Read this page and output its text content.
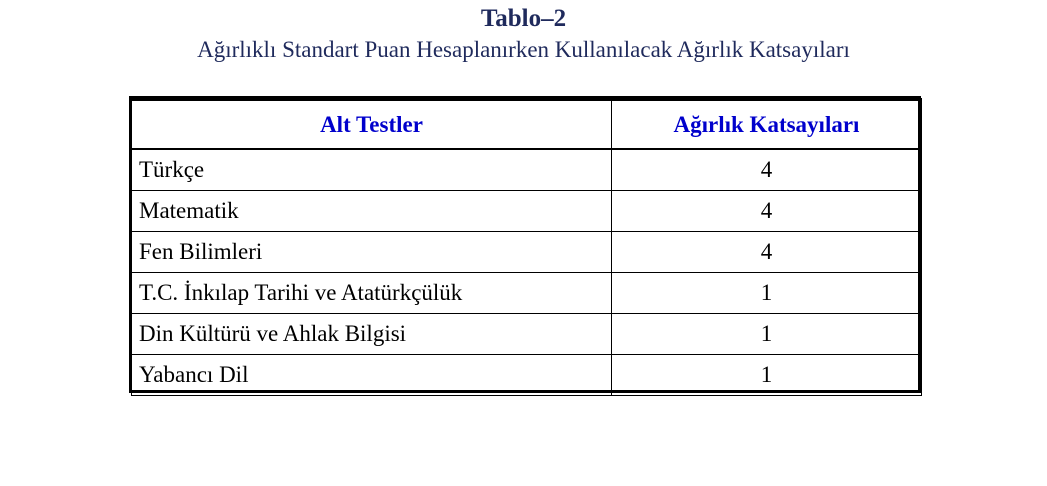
Tablo–2
Ağırlıklı Standart Puan Hesaplanırken Kullanılacak Ağırlık Katsayıları
Alt Testler	Ağırlık Katsayıları
Türkçe	4
Matematik	4
Fen Bilimleri	4
T.C. İnkılap Tarihi ve Atatürkçülük	1
Din Kültürü ve Ahlak Bilgisi	1
Yabancı Dil	1
